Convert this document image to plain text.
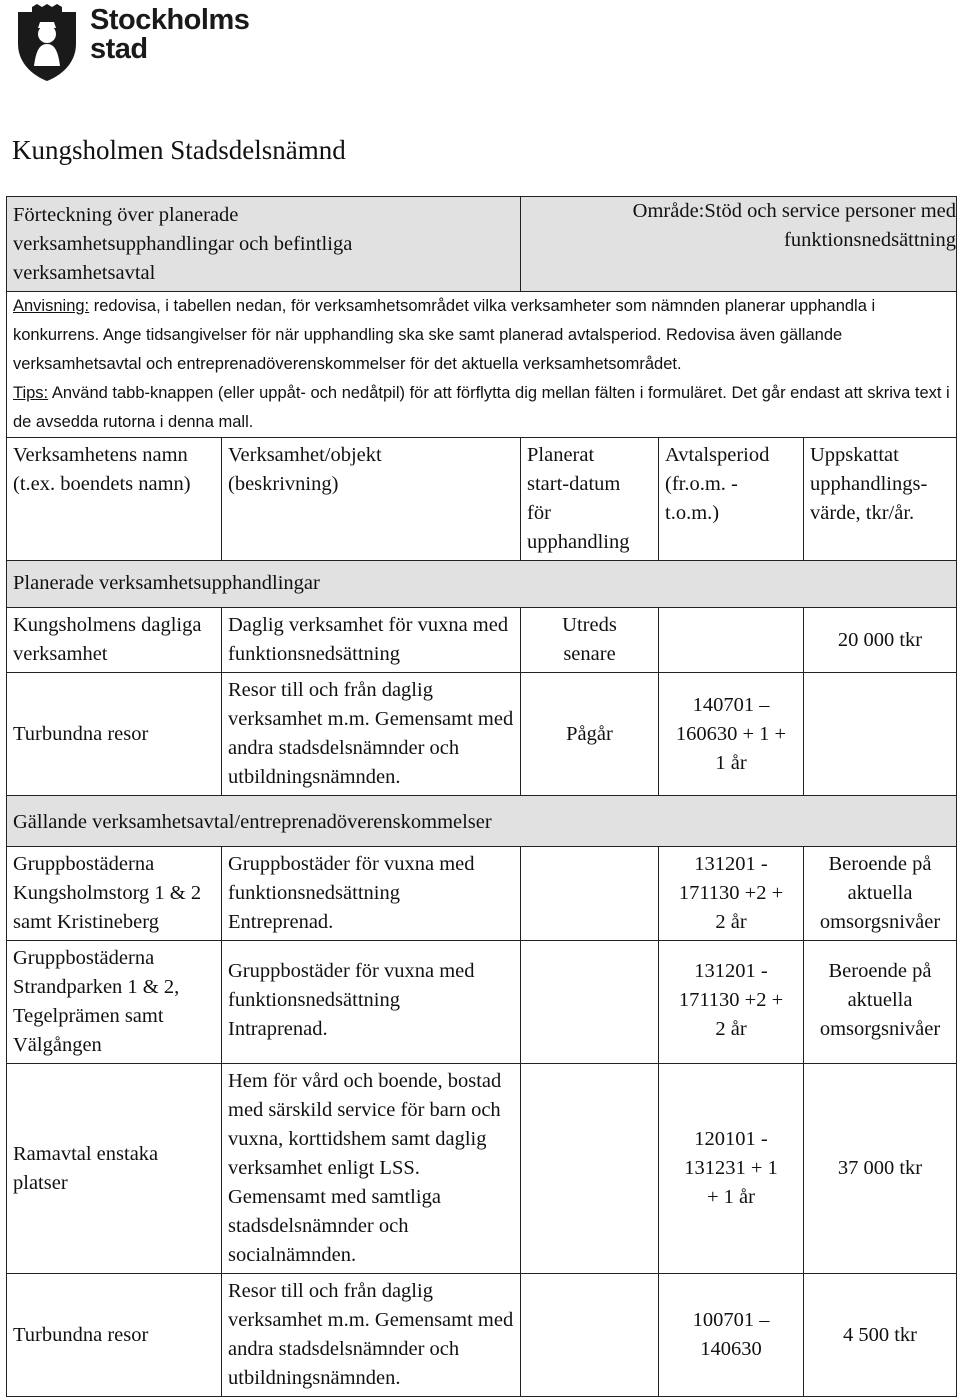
Stockholms
stad
Kungsholmen Stadsdelsnämnd
Förteckning över planerade verksamhetsupphandlingar och befintliga verksamhetsavtal		Område:Stöd och service personer med funktionsnedsättning		

Anvisning: redovisa, i tabellen nedan, för verksamhetsområdet vilka verksamheter som nämnden planerar upphandla i konkurrens. Ange tidsangivelser för när upphandling ska ske samt planerad avtalsperiod. Redovisa även gällande verksamhetsavtal och entreprenadöverenskommelser för det aktuella verksamhetsområdet.
Tips: Använd tabb-knappen (eller uppåt- och nedåtpil) för att förflytta dig mellan fälten i formuläret. Det går endast att skriva text i de avsedda rutorna i denna mall.				

Verksamhetens namn (t.ex. boendets namn)	Verksamhet/objekt (beskrivning)	Planerat start-datum för upphandling	Avtalsperiod (fr.o.m. - t.o.m.)	Uppskattat upphandlings-värde, tkr/år.

Planerade verksamhetsupphandlingar				

Kungsholmens dagliga verksamhet	Daglig verksamhet för vuxna med funktionsnedsättning	Utreds senare		20 000 tkr

Turbundna resor	Resor till och från daglig verksamhet m.m. Gemensamt med andra stadsdelsnämnder och utbildningsnämnden.	Pågår	140701 – 160630 + 1 + 1 år	

Gällande verksamhetsavtal/entreprenadöverenskommelser				

Gruppbostäderna Kungsholmstorg 1 & 2 samt Kristineberg	Gruppbostäder för vuxna med funktionsnedsättning Entreprenad.		131201 - 171130 +2 + 2 år	Beroende på aktuella omsorgsnivåer

Gruppbostäderna Strandparken 1 & 2, Tegelprämen samt Välgången	Gruppbostäder för vuxna med funktionsnedsättning Intraprenad.		131201 - 171130 +2 + 2 år	Beroende på aktuella omsorgsnivåer

Ramavtal enstaka platser	Hem för vård och boende, bostad med särskild service för barn och vuxna, korttidshem samt daglig verksamhet enligt LSS. Gemensamt med samtliga stadsdelsnämnder och socialnämnden.		120101 - 131231 + 1 + 1 år	37 000 tkr

Turbundna resor	Resor till och från daglig verksamhet m.m. Gemensamt med andra stadsdelsnämnder och utbildningsnämnden.		100701 – 140630	4 500 tkr
